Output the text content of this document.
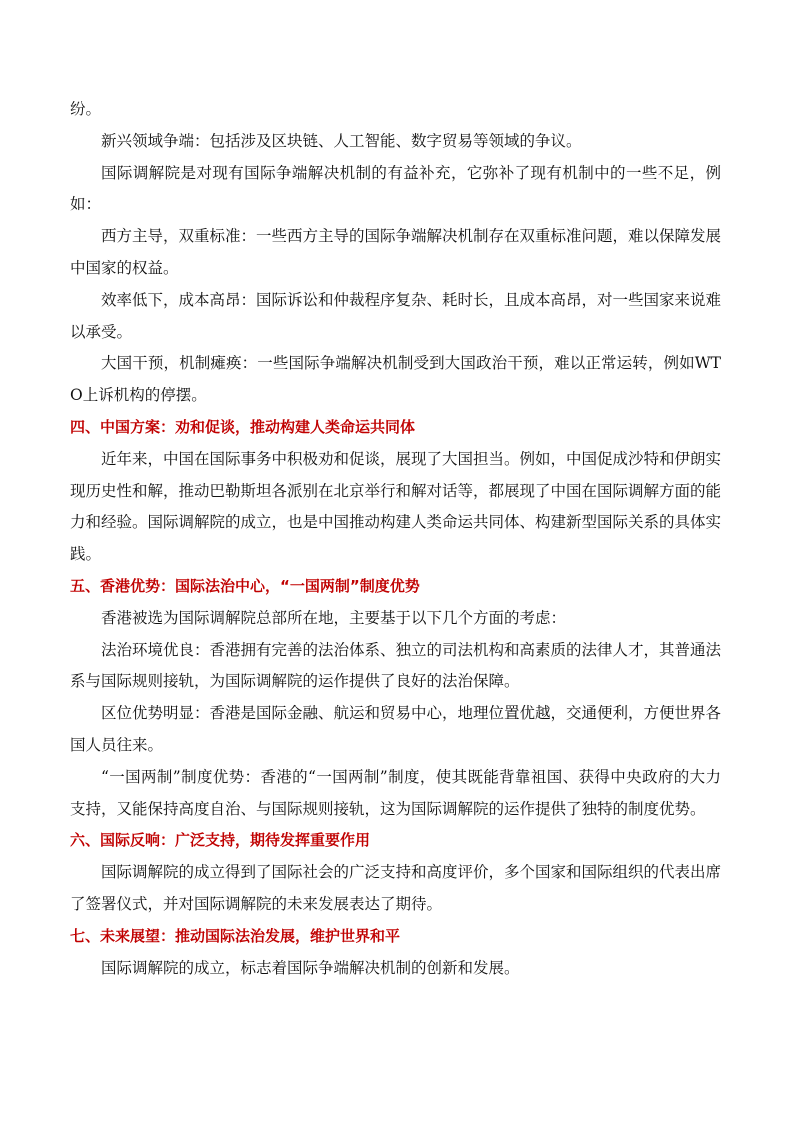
纷。

新兴领域争端：包括涉及区块链、人工智能、数字贸易等领域的争议。

国际调解院是对现有国际争端解决机制的有益补充，它弥补了现有机制中的一些不足，例如：

西方主导，双重标准：一些西方主导的国际争端解决机制存在双重标准问题，难以保障发展中国家的权益。

效率低下，成本高昂：国际诉讼和仲裁程序复杂、耗时长，且成本高昂，对一些国家来说难以承受。

大国干预，机制瘫痪：一些国际争端解决机制受到大国政治干预，难以正常运转，例如WTO上诉机构的停摆。

四、中国方案：劝和促谈，推动构建人类命运共同体

近年来，中国在国际事务中积极劝和促谈，展现了大国担当。例如，中国促成沙特和伊朗实现历史性和解，推动巴勒斯坦各派别在北京举行和解对话等，都展现了中国在国际调解方面的能力和经验。国际调解院的成立，也是中国推动构建人类命运共同体、构建新型国际关系的具体实践。

五、香港优势：国际法治中心，“一国两制”制度优势

香港被选为国际调解院总部所在地，主要基于以下几个方面的考虑：

法治环境优良：香港拥有完善的法治体系、独立的司法机构和高素质的法律人才，其普通法系与国际规则接轨，为国际调解院的运作提供了良好的法治保障。

区位优势明显：香港是国际金融、航运和贸易中心，地理位置优越，交通便利，方便世界各国人员往来。

“一国两制”制度优势：香港的“一国两制”制度，使其既能背靠祖国、获得中央政府的大力支持，又能保持高度自治、与国际规则接轨，这为国际调解院的运作提供了独特的制度优势。

六、国际反响：广泛支持，期待发挥重要作用

国际调解院的成立得到了国际社会的广泛支持和高度评价，多个国家和国际组织的代表出席了签署仪式，并对国际调解院的未来发展表达了期待。

七、未来展望：推动国际法治发展，维护世界和平

国际调解院的成立，标志着国际争端解决机制的创新和发展。
